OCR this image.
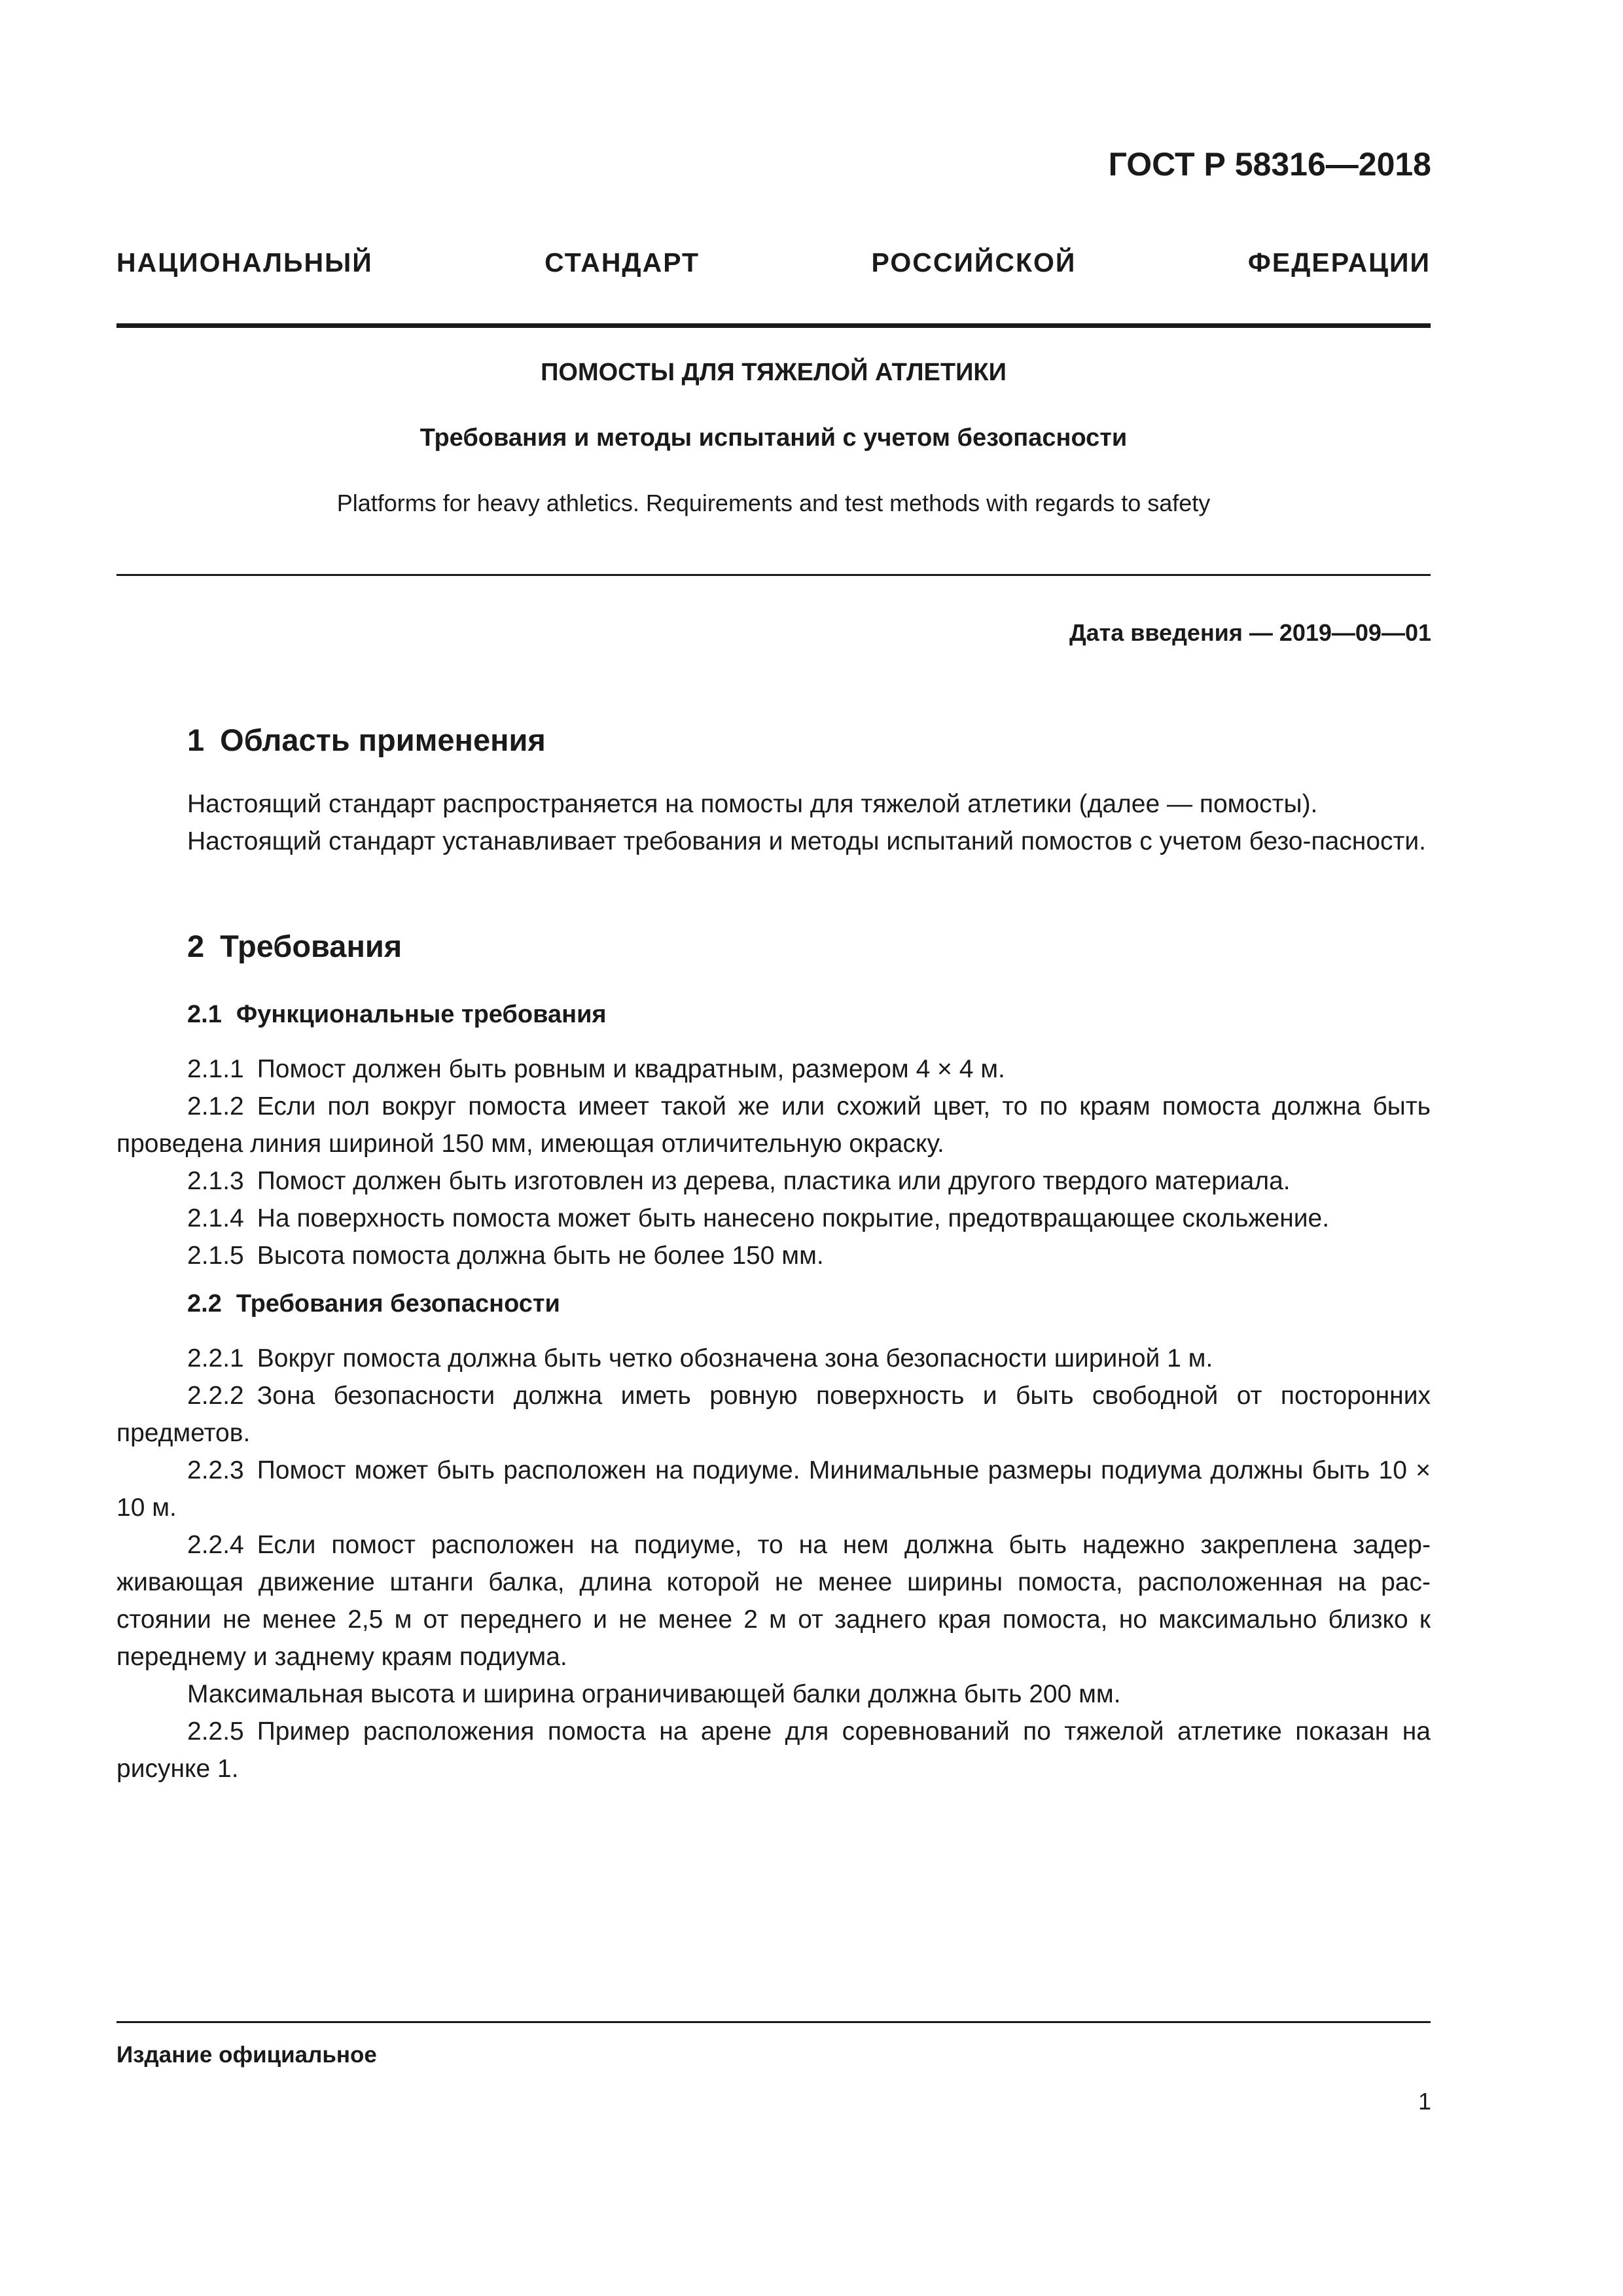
ГОСТ Р 58316—2018
НАЦИОНАЛЬНЫЙ СТАНДАРТ РОССИЙСКОЙ ФЕДЕРАЦИИ
ПОМОСТЫ ДЛЯ ТЯЖЕЛОЙ АТЛЕТИКИ
Требования и методы испытаний с учетом безопасности
Platforms for heavy athletics. Requirements and test methods with regards to safety
Дата введения — 2019—09—01
1 Область применения
Настоящий стандарт распространяется на помосты для тяжелой атлетики (далее — помосты).
Настоящий стандарт устанавливает требования и методы испытаний помостов с учетом безо-пасности.
2 Требования
2.1 Функциональные требования
2.1.1 Помост должен быть ровным и квадратным, размером 4 × 4 м.
2.1.2 Если пол вокруг помоста имеет такой же или схожий цвет, то по краям помоста должна быть проведена линия шириной 150 мм, имеющая отличительную окраску.
2.1.3 Помост должен быть изготовлен из дерева, пластика или другого твердого материала.
2.1.4 На поверхность помоста может быть нанесено покрытие, предотвращающее скольжение.
2.1.5 Высота помоста должна быть не более 150 мм.
2.2 Требования безопасности
2.2.1 Вокруг помоста должна быть четко обозначена зона безопасности шириной 1 м.
2.2.2 Зона безопасности должна иметь ровную поверхность и быть свободной от посторонних предметов.
2.2.3 Помост может быть расположен на подиуме. Минимальные размеры подиума должны быть 10 × 10 м.
2.2.4 Если помост расположен на подиуме, то на нем должна быть надежно закреплена задер-живающая движение штанги балка, длина которой не менее ширины помоста, расположенная на рас-стоянии не менее 2,5 м от переднего и не менее 2 м от заднего края помоста, но максимально близко к переднему и заднему краям подиума.
Максимальная высота и ширина ограничивающей балки должна быть 200 мм.
2.2.5 Пример расположения помоста на арене для соревнований по тяжелой атлетике показан на рисунке 1.
Издание официальное
1
